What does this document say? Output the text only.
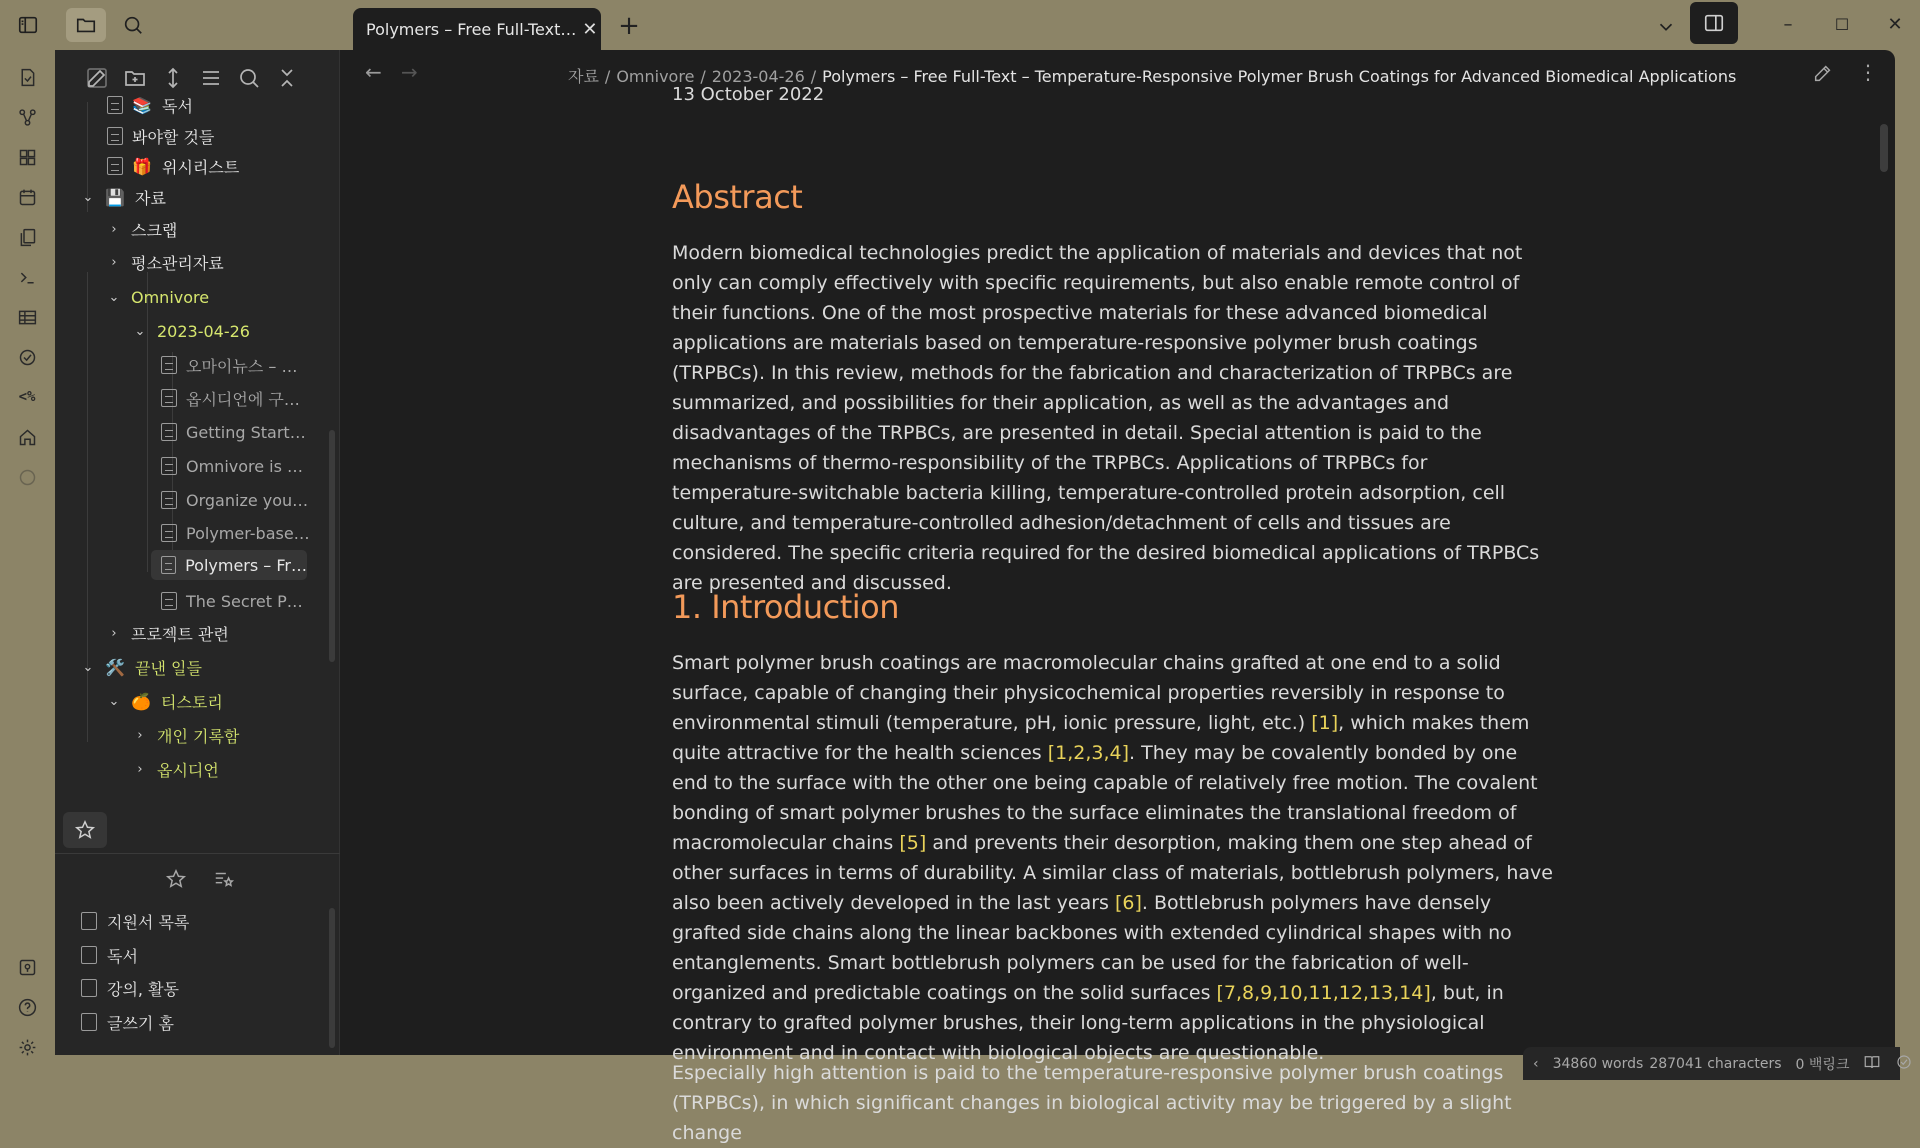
Polymers – Free Full-Text… ✕ +	–	☐	✕
<%
📚 독서
봐야할 것들
🎁 위시리스트
⌄ 💾 자료
› 스크랩
› 평소관리자료
⌄ Omnivore
⌄ 2023-04-26
오마이뉴스 – …
옵시디언에 구…
Getting Start…
Omnivore is …
Organize you…
Polymer-base…
Polymers – Fr…
The Secret P…
› 프로젝트 관련
⌄ 🛠️ 끝낸 일들
⌄ 🍊 티스토리
› 개인 기록함
› 옵시디언
지원서 목록
독서
강의, 활동
글쓰기 홈
← →	자료 / Omnivore / 2023-04-26 / Polymers – Free Full-Text – Temperature-Responsive Polymer Brush Coatings for Advanced Biomedical Applications	⋮
13 October 2022
Abstract

Modern biomedical technologies predict the application of materials and devices that not only can comply effectively with specific requirements, but also enable remote control of their functions. One of the most prospective materials for these advanced biomedical applications are materials based on temperature-responsive polymer brush coatings (TRPBCs). In this review, methods for the fabrication and characterization of TRPBCs are summarized, and possibilities for their application, as well as the advantages and disadvantages of the TRPBCs, are presented in detail. Special attention is paid to the mechanisms of thermo-responsibility of the TRPBCs. Applications of TRPBCs for temperature-switchable bacteria killing, temperature-controlled protein adsorption, cell culture, and temperature-controlled adhesion/detachment of cells and tissues are considered. The specific criteria required for the desired biomedical applications of TRPBCs are presented and discussed.

1. Introduction

Smart polymer brush coatings are macromolecular chains grafted at one end to a solid surface, capable of changing their physicochemical properties reversibly in response to environmental stimuli (temperature, pH, ionic pressure, light, etc.) [1], which makes them quite attractive for the health sciences [1,2,3,4]. They may be covalently bonded by one end to the surface with the other one being capable of relatively free motion. The covalent bonding of smart polymer brushes to the surface eliminates the translational freedom of macromolecular chains [5] and prevents their desorption, making them one step ahead of other surfaces in terms of durability. A similar class of materials, bottlebrush polymers, have also been actively developed in the last years [6]. Bottlebrush polymers have densely grafted side chains along the linear backbones with extended cylindrical shapes with no entanglements. Smart bottlebrush polymers can be used for the fabrication of well-organized and predictable coatings on the solid surfaces [7,8,9,10,11,12,13,14], but, in contrary to grafted polymer brushes, their long-term applications in the physiological environment and in contact with biological objects are questionable.

Especially high attention is paid to the temperature-responsive polymer brush coatings (TRPBCs), in which significant changes in biological activity may be triggered by a slight change

‹ 34860 words 287041 characters 0 백링크
